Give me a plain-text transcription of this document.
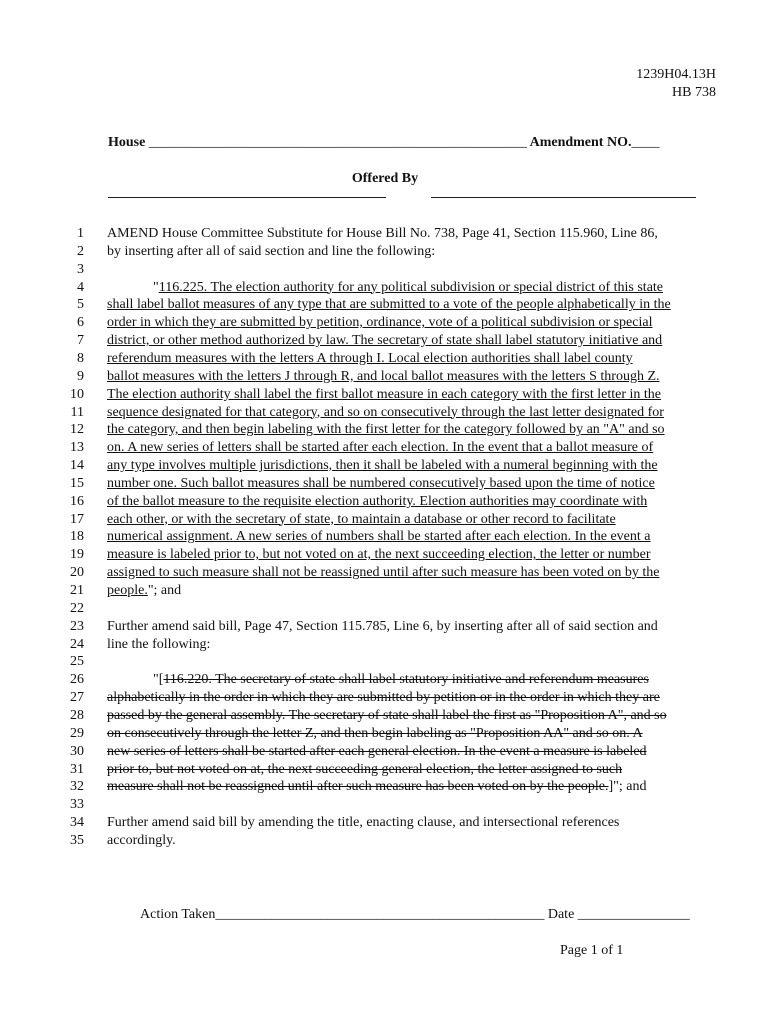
1239H04.13H
HB 738
House ______________________________________________________ Amendment NO.____
Offered By
1 AMEND House Committee Substitute for House Bill No. 738, Page 41, Section 115.960, Line 86,
2 by inserting after all of said section and line the following:
3
4	"116.225. The election authority for any political subdivision or special district of this state
5 shall label ballot measures of any type that are submitted to a vote of the people alphabetically in the
6 order in which they are submitted by petition, ordinance, vote of a political subdivision or special
7 district, or other method authorized by law. The secretary of state shall label statutory initiative and
8 referendum measures with the letters A through I. Local election authorities shall label county
9 ballot measures with the letters J through R, and local ballot measures with the letters S through Z.
10 The election authority shall label the first ballot measure in each category with the first letter in the
11 sequence designated for that category, and so on consecutively through the last letter designated for
12 the category, and then begin labeling with the first letter for the category followed by an "A" and so
13 on. A new series of letters shall be started after each election. In the event that a ballot measure of
14 any type involves multiple jurisdictions, then it shall be labeled with a numeral beginning with the
15 number one. Such ballot measures shall be numbered consecutively based upon the time of notice
16 of the ballot measure to the requisite election authority. Election authorities may coordinate with
17 each other, or with the secretary of state, to maintain a database or other record to facilitate
18 numerical assignment. A new series of numbers shall be started after each election. In the event a
19 measure is labeled prior to, but not voted on at, the next succeeding election, the letter or number
20 assigned to such measure shall not be reassigned until after such measure has been voted on by the
21 people."; and
22
23 Further amend said bill, Page 47, Section 115.785, Line 6, by inserting after all of said section and
24 line the following:
25
26	"[116.220. The secretary of state shall label statutory initiative and referendum measures
27 alphabetically in the order in which they are submitted by petition or in the order in which they are
28 passed by the general assembly. The secretary of state shall label the first as "Proposition A", and so
29 on consecutively through the letter Z, and then begin labeling as "Proposition AA" and so on. A
30 new series of letters shall be started after each general election. In the event a measure is labeled
31 prior to, but not voted on at, the next succeeding general election, the letter assigned to such
32 measure shall not be reassigned until after such measure has been voted on by the people.]"; and
33
34 Further amend said bill by amending the title, enacting clause, and intersectional references
35 accordingly.
Action Taken_______________________________________________ Date ________________
Page 1 of 1
